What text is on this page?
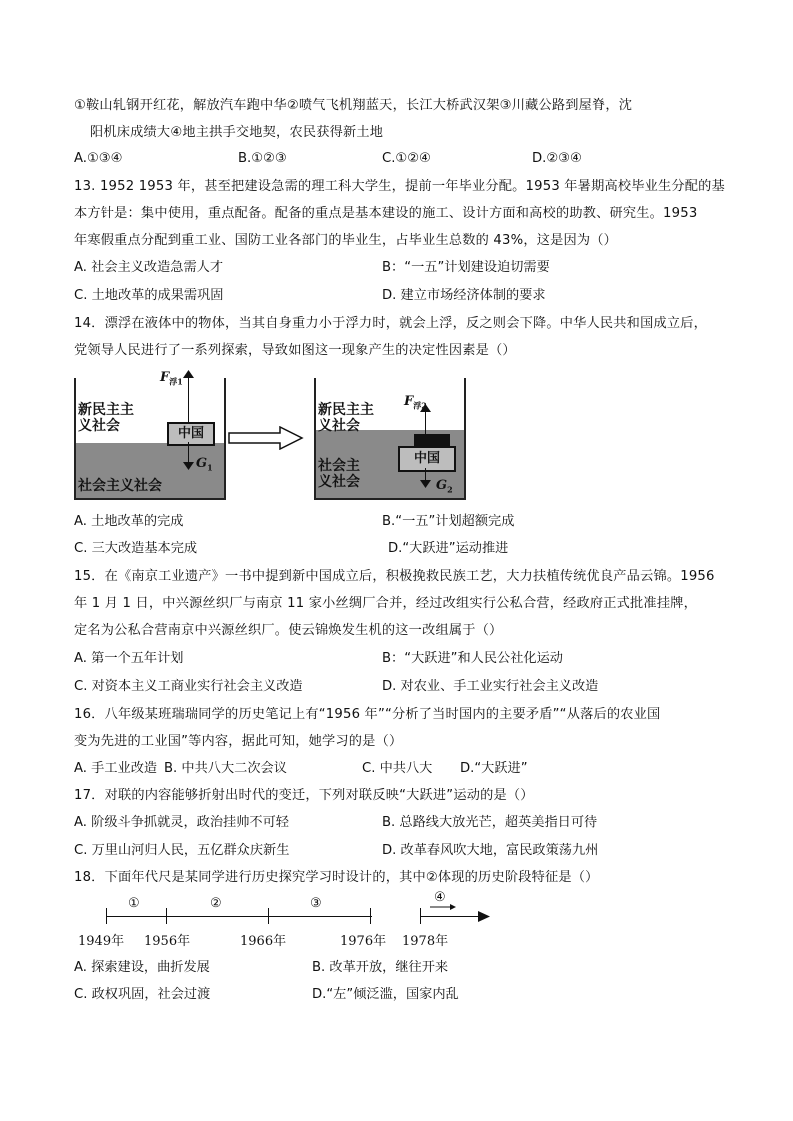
①鞍山轧钢开红花，解放汽车跑中华②喷气飞机翔蓝天，长江大桥武汉架③川藏公路到屋脊，沈
阳机床成绩大④地主拱手交地契，农民获得新土地
A.①③④	B.①②③	C.①②④	D.②③④
13. 1952 1953 年，甚至把建设急需的理工科大学生，提前一年毕业分配。1953 年暑期高校毕业生分配的基
本方针是：集中使用，重点配备。配备的重点是基本建设的施工、设计方面和高校的助教、研究生。1953
年寒假重点分配到重工业、国防工业各部门的毕业生，占毕业生总数的 43%，这是因为（）
A. 社会主义改造急需人才	B：“一五”计划建设迫切需要
C. 土地改革的成果需巩固	D. 建立市场经济体制的要求
14．漂浮在液体中的物体，当其自身重力小于浮力时，就会上浮，反之则会下降。中华人民共和国成立后，
党领导人民进行了一系列探索，导致如图这一现象产生的决定性因素是（）
新民主主
义社会
社会主义社会
中国
$F_{浮1}$
$G_1$
新民主主
义社会
社会主
义社会
中国
$F_{浮2}$
$G_2$
A. 土地改革的完成	B.“一五”计划超额完成
C. 三大改造基本完成	D.“大跃进”运动推进
15．在《南京工业遗产》一书中提到新中国成立后，积极挽救民族工艺，大力扶植传统优良产品云锦。1956
年 1 月 1 日，中兴源丝织厂与南京 11 家小丝绸厂合并，经过改组实行公私合营，经政府正式批准挂牌，
定名为公私合营南京中兴源丝织厂。使云锦焕发生机的这一改组属于（）
A. 第一个五年计划	B：“大跃进”和人民公社化运动
C. 对资本主义工商业实行社会主义改造	D. 对农业、手工业实行社会主义改造
16．八年级某班瑞瑞同学的历史笔记上有“1956 年”“分析了当时国内的主要矛盾”“从落后的农业国
变为先进的工业国”等内容，据此可知，她学习的是（）
A. 手工业改造 B. 中共八大二次会议	C. 中共八大 D.“大跃进”
17．对联的内容能够折射出时代的变迁，下列对联反映“大跃进”运动的是（）
A. 阶级斗争抓就灵，政治挂帅不可轻	B. 总路线大放光芒，超英美指日可待
C. 万里山河归人民，五亿群众庆新生	D. 改革春风吹大地，富民政策荡九州
18．下面年代尺是某同学进行历史探究学习时设计的，其中②体现的历史阶段特征是（）
①	②	③	④
1949年 1956年	1966年	1976年 1978年
A. 探索建设，曲折发展	B. 改革开放，继往开来
C. 政权巩固，社会过渡	D.“左”倾泛滥，国家内乱
